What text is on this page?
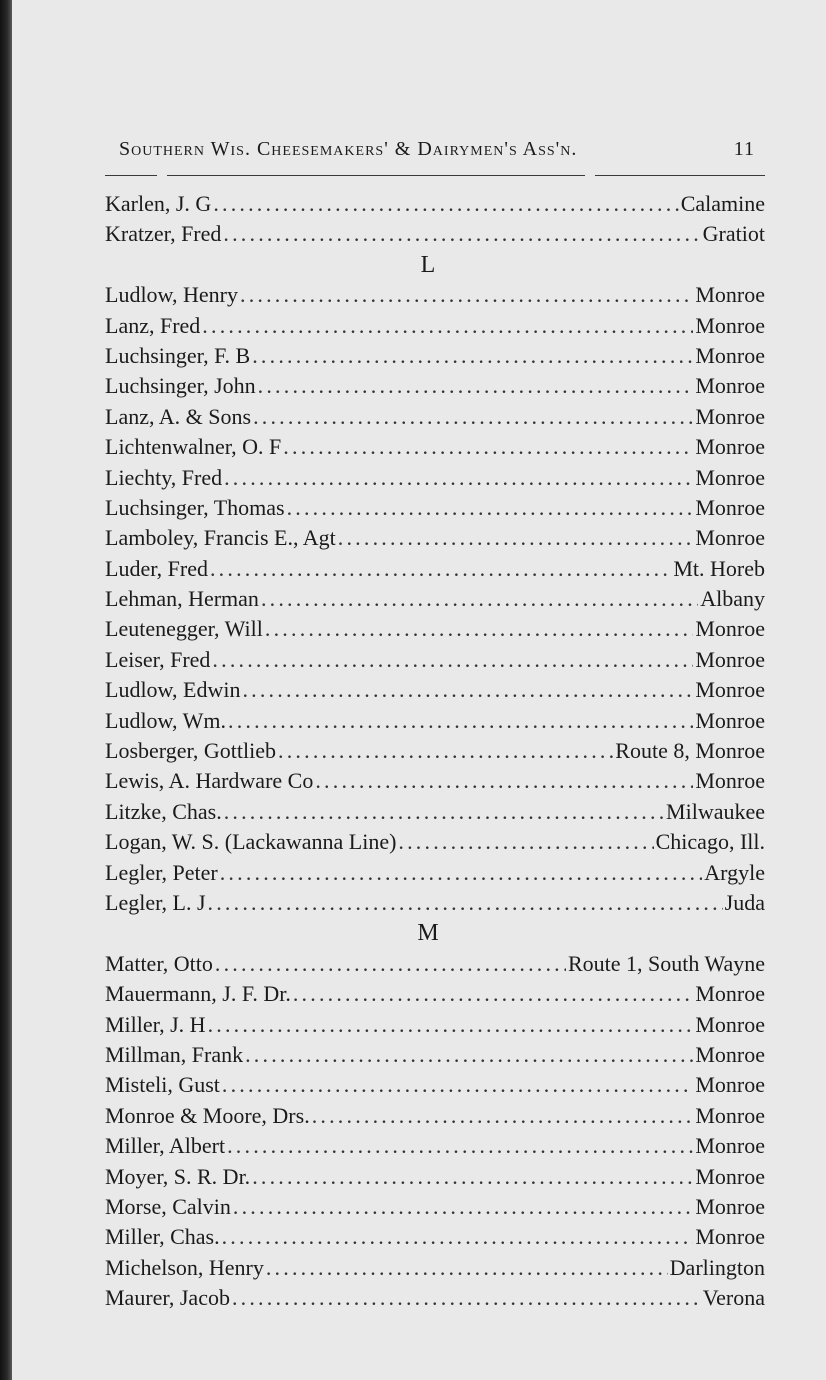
Southern Wis. Cheesemakers' & Dairymen's Ass'n.	11
Karlen, J. G .....	Calamine
Kratzer, Fred .....	Gratiot
L
Ludlow, Henry .....	Monroe
Lanz, Fred .....	Monroe
Luchsinger, F. B .....	Monroe
Luchsinger, John .....	Monroe
Lanz, A. & Sons .....	Monroe
Lichtenwalner, O. F .....	Monroe
Liechty, Fred .....	Monroe
Luchsinger, Thomas .....	Monroe
Lamboley, Francis E., Agt .....	Monroe
Luder, Fred .....	Mt. Horeb
Lehman, Herman .....	Albany
Leutenegger, Will .....	Monroe
Leiser, Fred .....	Monroe
Ludlow, Edwin .....	Monroe
Ludlow, Wm. .....	Monroe
Losberger, Gottlieb .....	Route 8, Monroe
Lewis, A. Hardware Co .....	Monroe
Litzke, Chas. .....	Milwaukee
Logan, W. S. (Lackawanna Line) .....	Chicago, Ill.
Legler, Peter .....	Argyle
Legler, L. J .....	Juda
M
Matter, Otto .....	Route 1, South Wayne
Mauermann, J. F. Dr. .....	Monroe
Miller, J. H .....	Monroe
Millman, Frank .....	Monroe
Misteli, Gust .....	Monroe
Monroe & Moore, Drs. .....	Monroe
Miller, Albert .....	Monroe
Moyer, S. R. Dr. .....	Monroe
Morse, Calvin .....	Monroe
Miller, Chas. .....	Monroe
Michelson, Henry .....	Darlington
Maurer, Jacob .....	Verona
